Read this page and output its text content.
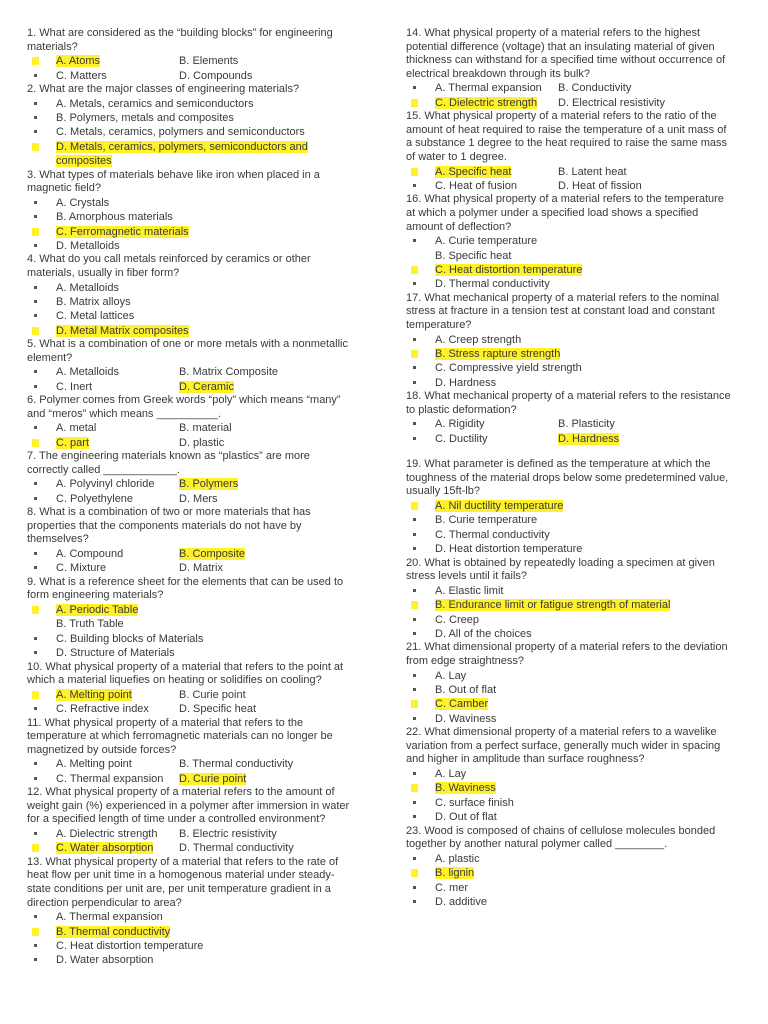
1. What are considered as the “building blocks” for engineering
materials?
A. Atoms	B. Elements
C. Matters	D. Compounds
2. What are the major classes of engineering materials?
A. Metals, ceramics and semiconductors
B. Polymers, metals and composites
C. Metals, ceramics, polymers and semiconductors
D. Metals, ceramics, polymers, semiconductors and
composites
3. What types of materials behave like iron when placed in a
magnetic field?
A. Crystals
B. Amorphous materials
C. Ferromagnetic materials
D. Metalloids
4. What do you call metals reinforced by ceramics or other
materials, usually in fiber form?
A. Metalloids
B. Matrix alloys
C. Metal lattices
D. Metal Matrix composites
5. What is a combination of one or more metals with a nonmetallic
element?
A. Metalloids	B. Matrix Composite
C. Inert	D. Ceramic
6. Polymer comes from Greek words “poly” which means “many”
and “meros” which means __________.
A. metal	B. material
C. part	D. plastic
7. The engineering materials known as “plastics” are more
correctly called ____________.
A. Polyvinyl chloride	B. Polymers
C. Polyethylene	D. Mers
8. What is a combination of two or more materials that has
properties that the components materials do not have by
themselves?
A. Compound	B. Composite
C. Mixture	D. Matrix
9. What is a reference sheet for the elements that can be used to
form engineering materials?
A. Periodic Table
B. Truth Table
C. Building blocks of Materials
D. Structure of Materials
10. What physical property of a material that refers to the point at
which a material liquefies on heating or solidifies on cooling?
A. Melting point	B. Curie point
C. Refractive index	D. Specific heat
11. What physical property of a material that refers to the
temperature at which ferromagnetic materials can no longer be
magnetized by outside forces?
A. Melting point	B. Thermal conductivity
C. Thermal expansion	D. Curie point
12. What physical property of a material refers to the amount of
weight gain (%) experienced in a polymer after immersion in water
for a specified length of time under a controlled environment?
A. Dielectric strength	B. Electric resistivity
C. Water absorption	D. Thermal conductivity
13. What physical property of a material that refers to the rate of
heat flow per unit time in a homogenous material under steady-
state conditions per unit are, per unit temperature gradient in a
direction perpendicular to area?
A. Thermal expansion
B. Thermal conductivity
C. Heat distortion temperature
D. Water absorption
14. What physical property of a material refers to the highest
potential difference (voltage) that an insulating material of given
thickness can withstand for a specified time without occurrence of
electrical breakdown through its bulk?
A. Thermal expansion	B. Conductivity
C. Dielectric strength	D. Electrical resistivity
15. What physical property of a material refers to the ratio of the
amount of heat required to raise the temperature of a unit mass of
a substance 1 degree to the heat required to raise the same mass
of water to 1 degree.
A. Specific heat	B. Latent heat
C. Heat of fusion	D. Heat of fission
16. What physical property of a material refers to the temperature
at which a polymer under a specified load shows a specified
amount of deflection?
A. Curie temperature
B. Specific heat
C. Heat distortion temperature
D. Thermal conductivity
17. What mechanical property of a material refers to the nominal
stress at fracture in a tension test at constant load and constant
temperature?
A. Creep strength
B. Stress rapture strength
C. Compressive yield strength
D. Hardness
18. What mechanical property of a material refers to the resistance
to plastic deformation?
A. Rigidity	B. Plasticity
C. Ductility	D. Hardness
19. What parameter is defined as the temperature at which the
toughness of the material drops below some predetermined value,
usually 15ft-lb?
A. Nil ductility temperature
B. Curie temperature
C. Thermal conductivity
D. Heat distortion temperature
20. What is obtained by repeatedly loading a specimen at given
stress levels until it fails?
A. Elastic limit
B. Endurance limit or fatigue strength of material
C. Creep
D. All of the choices
21. What dimensional property of a material refers to the deviation
from edge straightness?
A. Lay
B. Out of flat
C. Camber
D. Waviness
22. What dimensional property of a material refers to a wavelike
variation from a perfect surface, generally much wider in spacing
and higher in amplitude than surface roughness?
A. Lay
B. Waviness
C. surface finish
D. Out of flat
23. Wood is composed of chains of cellulose molecules bonded
together by another natural polymer called ________.
A. plastic
B. lignin
C. mer
D. additive
